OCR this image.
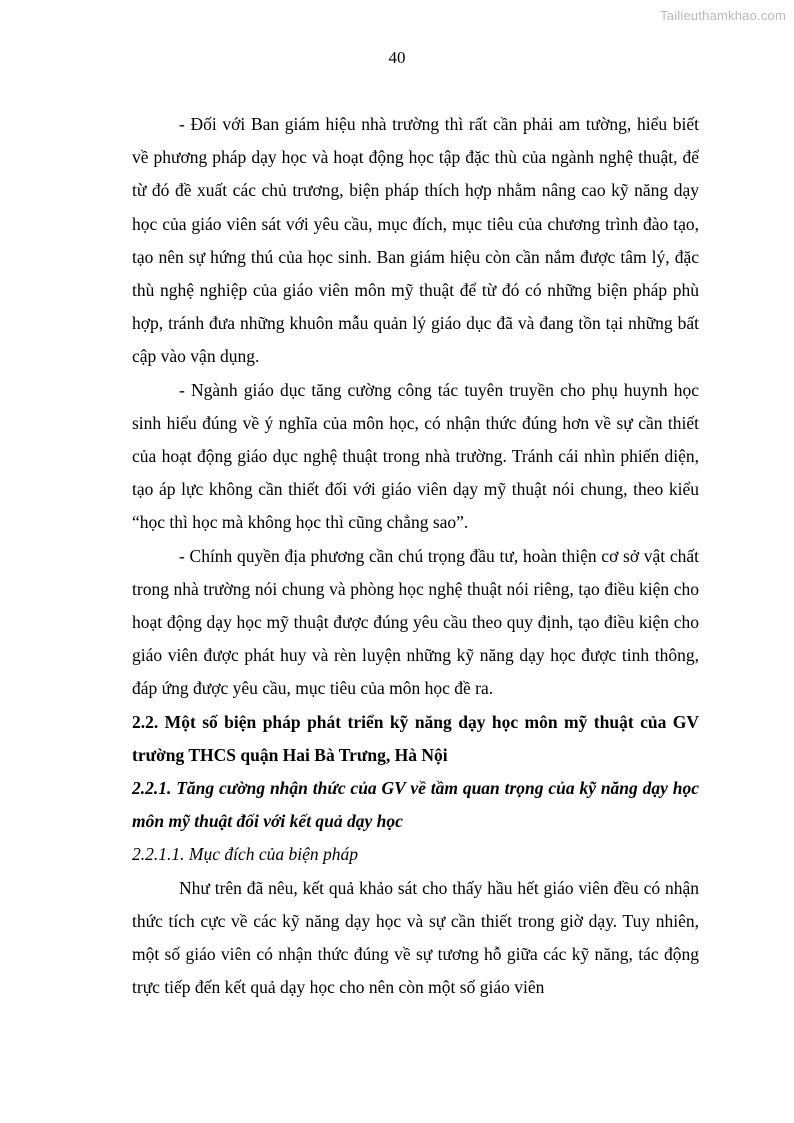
Tailieuthamkhao.com
40

- Đối với Ban giám hiệu nhà trường thì rất cần phải am tường, hiểu biết về phương pháp dạy học và hoạt động học tập đặc thù của ngành nghệ thuật, để từ đó đề xuất các chủ trương, biện pháp thích hợp nhằm nâng cao kỹ năng dạy học của giáo viên sát với yêu cầu, mục đích, mục tiêu của chương trình đào tạo, tạo nên sự hứng thú của học sinh. Ban giám hiệu còn cần nắm được tâm lý, đặc thù nghệ nghiệp của giáo viên môn mỹ thuật để từ đó có những biện pháp phù hợp, tránh đưa những khuôn mẫu quản lý giáo dục đã và đang tồn tại những bất cập vào vận dụng.

- Ngành giáo dục tăng cường công tác tuyên truyền cho phụ huynh học sinh hiểu đúng về ý nghĩa của môn học, có nhận thức đúng hơn về sự cần thiết của hoạt động giáo dục nghệ thuật trong nhà trường. Tránh cái nhìn phiến diện, tạo áp lực không cần thiết đối với giáo viên dạy mỹ thuật nói chung, theo kiểu “học thì học mà không học thì cũng chẳng sao”.

- Chính quyền địa phương cần chú trọng đầu tư, hoàn thiện cơ sở vật chất trong nhà trường nói chung và phòng học nghệ thuật nói riêng, tạo điều kiện cho hoạt động dạy học mỹ thuật được đúng yêu cầu theo quy định, tạo điều kiện cho giáo viên được phát huy và rèn luyện những kỹ năng dạy học được tinh thông, đáp ứng được yêu cầu, mục tiêu của môn học đề ra.

2.2. Một số biện pháp phát triển kỹ năng dạy học môn mỹ thuật của GV trường THCS quận Hai Bà Trưng, Hà Nội

2.2.1. Tăng cường nhận thức của GV về tầm quan trọng của kỹ năng dạy học môn mỹ thuật đối với kết quả dạy học

2.2.1.1. Mục đích của biện pháp

Như trên đã nêu, kết quả khảo sát cho thấy hầu hết giáo viên đều có nhận thức tích cực về các kỹ năng dạy học và sự cần thiết trong giờ dạy. Tuy nhiên, một số giáo viên có nhận thức đúng về sự tương hỗ giữa các kỹ năng, tác động trực tiếp đến kết quả dạy học cho nên còn một số giáo viên
